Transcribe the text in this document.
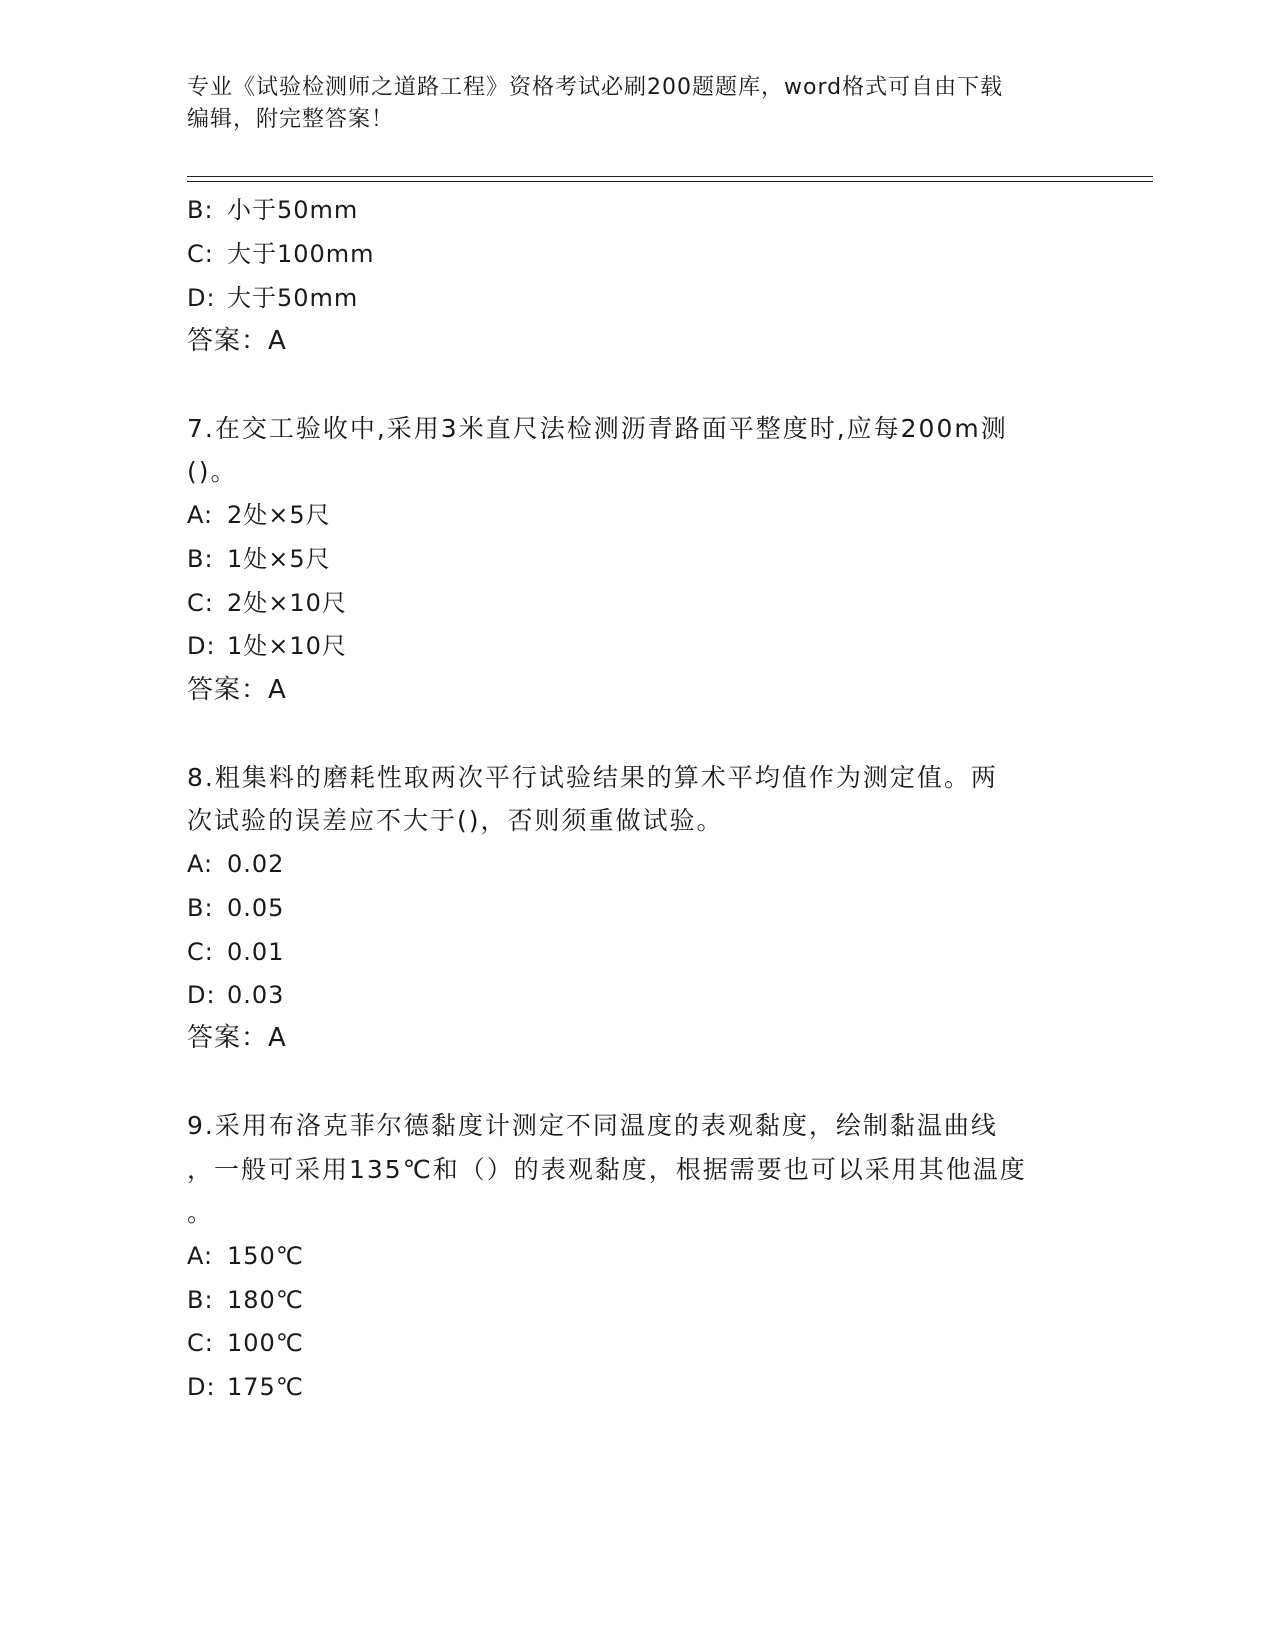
专业《试验检测师之道路工程》资格考试必刷200题题库，word格式可自由下载
编辑，附完整答案！
B: 小于50mm
C: 大于100mm
D: 大于50mm
答案：A
7.在交工验收中,采用3米直尺法检测沥青路面平整度时,应每200m测
()。
A: 2处×5尺
B: 1处×5尺
C: 2处×10尺
D: 1处×10尺
答案：A
8.粗集料的磨耗性取两次平行试验结果的算术平均值作为测定值。两
次试验的误差应不大于()，否则须重做试验。
A: 0.02
B: 0.05
C: 0.01
D: 0.03
答案：A
9.采用布洛克菲尔德黏度计测定不同温度的表观黏度，绘制黏温曲线
，一般可采用135℃和（）的表观黏度，根据需要也可以采用其他温度
。
A: 150℃
B: 180℃
C: 100℃
D: 175℃
